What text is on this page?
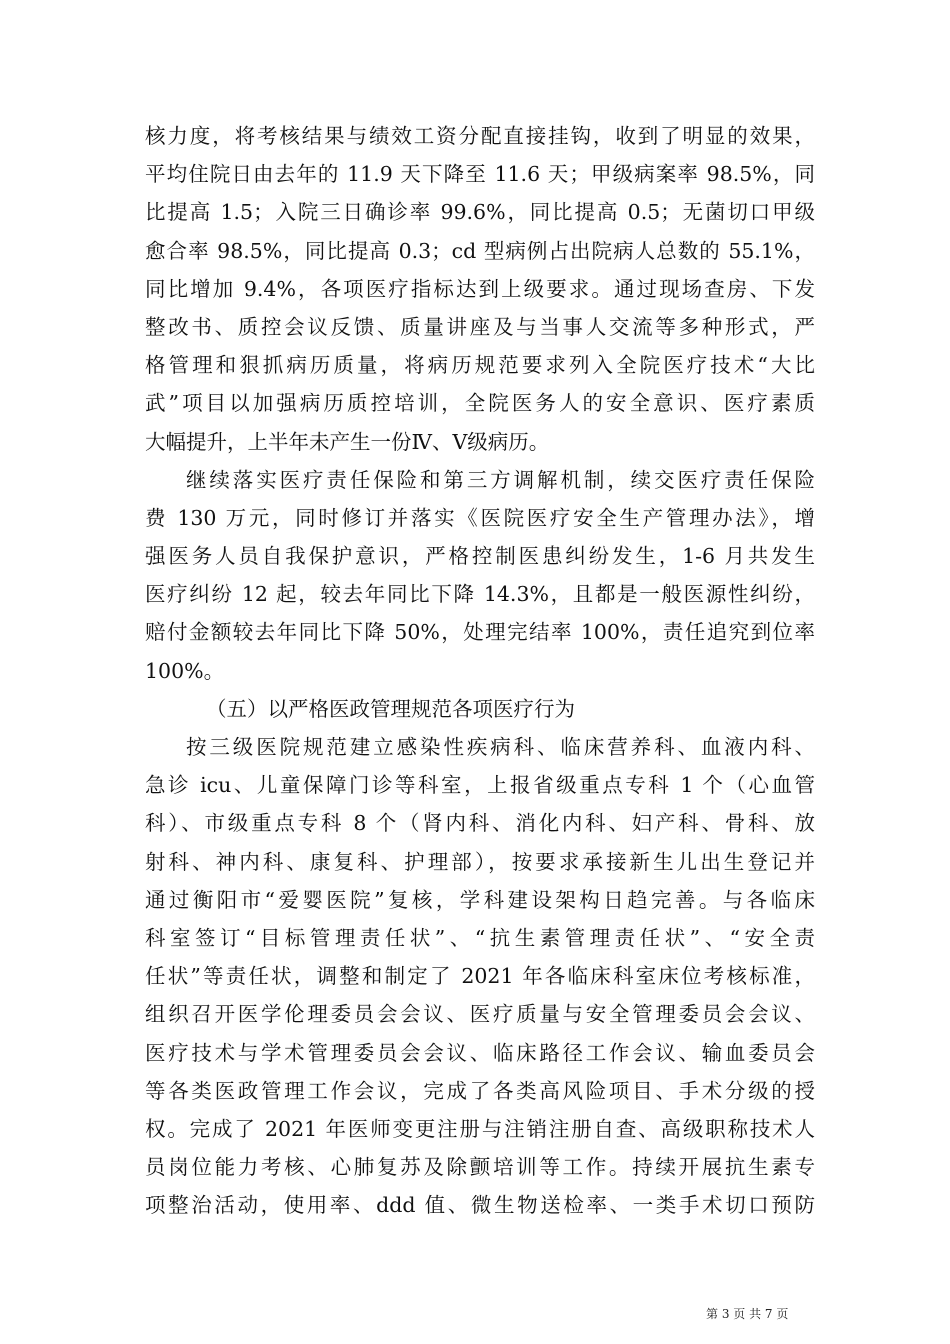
核力度，将考核结果与绩效工资分配直接挂钩，收到了明显的效果，
平均住院日由去年的 11.9 天下降至 11.6 天；甲级病案率 98.5%，同
比提高 1.5；入院三日确诊率 99.6%，同比提高 0.5；无菌切口甲级
愈合率 98.5%，同比提高 0.3；cd 型病例占出院病人总数的 55.1%，
同比增加 9.4%，各项医疗指标达到上级要求。通过现场查房、下发
整改书、质控会议反馈、质量讲座及与当事人交流等多种形式，严
格管理和狠抓病历质量，将病历规范要求列入全院医疗技术“大比
武”项目以加强病历质控培训，全院医务人的安全意识、医疗素质
大幅提升，上半年未产生一份Ⅳ、Ⅴ级病历。
继续落实医疗责任保险和第三方调解机制，续交医疗责任保险
费 130 万元，同时修订并落实《医院医疗安全生产管理办法》，增
强医务人员自我保护意识，严格控制医患纠纷发生，1-6 月共发生
医疗纠纷 12 起，较去年同比下降 14.3%，且都是一般医源性纠纷，
赔付金额较去年同比下降 50%，处理完结率 100%，责任追究到位率
100%。
（五）以严格医政管理规范各项医疗行为
按三级医院规范建立感染性疾病科、临床营养科、血液内科、
急诊 icu、儿童保障门诊等科室，上报省级重点专科 1 个（心血管
科）、市级重点专科 8 个（肾内科、消化内科、妇产科、骨科、放
射科、神内科、康复科、护理部），按要求承接新生儿出生登记并
通过衡阳市“爱婴医院”复核，学科建设架构日趋完善。与各临床
科室签订“目标管理责任状”、“抗生素管理责任状”、“安全责
任状”等责任状，调整和制定了 2021 年各临床科室床位考核标准，
组织召开医学伦理委员会会议、医疗质量与安全管理委员会会议、
医疗技术与学术管理委员会会议、临床路径工作会议、输血委员会
等各类医政管理工作会议，完成了各类高风险项目、手术分级的授
权。完成了 2021 年医师变更注册与注销注册自查、高级职称技术人
员岗位能力考核、心肺复苏及除颤培训等工作。持续开展抗生素专
项整治活动，使用率、ddd 值、微生物送检率、一类手术切口预防
第 3 页 共 7 页
